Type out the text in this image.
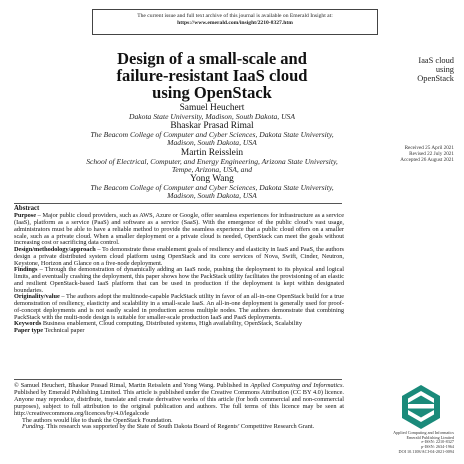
The current issue and full text archive of this journal is available on Emerald Insight at:
https://www.emerald.com/insight/2210-8327.htm
Design of a small-scale and
failure-resistant IaaS cloud
using OpenStack
IaaS cloud
using
OpenStack
Samuel Heuchert
Dakota State University, Madison, South Dakota, USA
Bhaskar Prasad Rimal
The Beacom College of Computer and Cyber Sciences, Dakota State University,
Madison, South Dakota, USA
Martin Reisslein
School of Electrical, Computer, and Energy Engineering, Arizona State University,
Tempe, Arizona, USA, and
Yong Wang
The Beacom College of Computer and Cyber Sciences, Dakota State University,
Madison, South Dakota, USA
Received 25 April 2021
Revised 22 July 2021
Accepted 26 August 2021
Abstract

Purpose – Major public cloud providers, such as AWS, Azure or Google, offer seamless experiences for infrastructure as a service (IaaS), platform as a service (PaaS) and software as a service (SaaS). With the emergence of the public cloud’s vast usage, administrators must be able to have a reliable method to provide the seamless experience that a public cloud offers on a smaller scale, such as a private cloud. When a smaller deployment or a private cloud is needed, OpenStack can meet the goals without increasing cost or sacrificing data control.

Design/methodology/approach – To demonstrate these enablement goals of resiliency and elasticity in IaaS and PaaS, the authors design a private distributed system cloud platform using OpenStack and its core services of Nova, Swift, Cinder, Neutron, Keystone, Horizon and Glance on a five-node deployment.

Findings – Through the demonstration of dynamically adding an IaaS node, pushing the deployment to its physical and logical limits, and eventually crashing the deployment, this paper shows how the PackStack utility facilitates the provisioning of an elastic and resilient OpenStack-based IaaS platform that can be used in production if the deployment is kept within designated boundaries.

Originality/value – The authors adopt the multinode-capable PackStack utility in favor of an all-in-one OpenStack build for a true demonstration of resiliency, elasticity and scalability in a small-scale IaaS. An all-in-one deployment is generally used for proof-of-concept deployments and is not easily scaled in production across multiple nodes. The authors demonstrate that combining PackStack with the multi-node design is suitable for smaller-scale production IaaS and PaaS deployments.

Keywords Business enablement, Cloud computing, Distributed systems, High availability, OpenStack, Scalability

Paper type Technical paper

© Samuel Heuchert, Bhaskar Prasad Rimal, Martin Reisslein and Yong Wang. Published in Applied Computing and Informatics. Published by Emerald Publishing Limited. This article is published under the Creative Commons Attribution (CC BY 4.0) licence. Anyone may reproduce, distribute, translate and create derivative works of this article (for both commercial and non-commercial purposes), subject to full attribution to the original publication and authors. The full terms of this licence may be seen at http://creativecommons.org/licences/by/4.0/legalcode

The authors would like to thank the OpenStack Foundation.

Funding. This research was supported by the State of South Dakota Board of Regents’ Competitive Research Grant.

Applied Computing and Informatics
Emerald Publishing Limited
e-ISSN: 2210-8327
p-ISSN: 2634-1964
DOI 10.1108/ACI-04-2021-0094
